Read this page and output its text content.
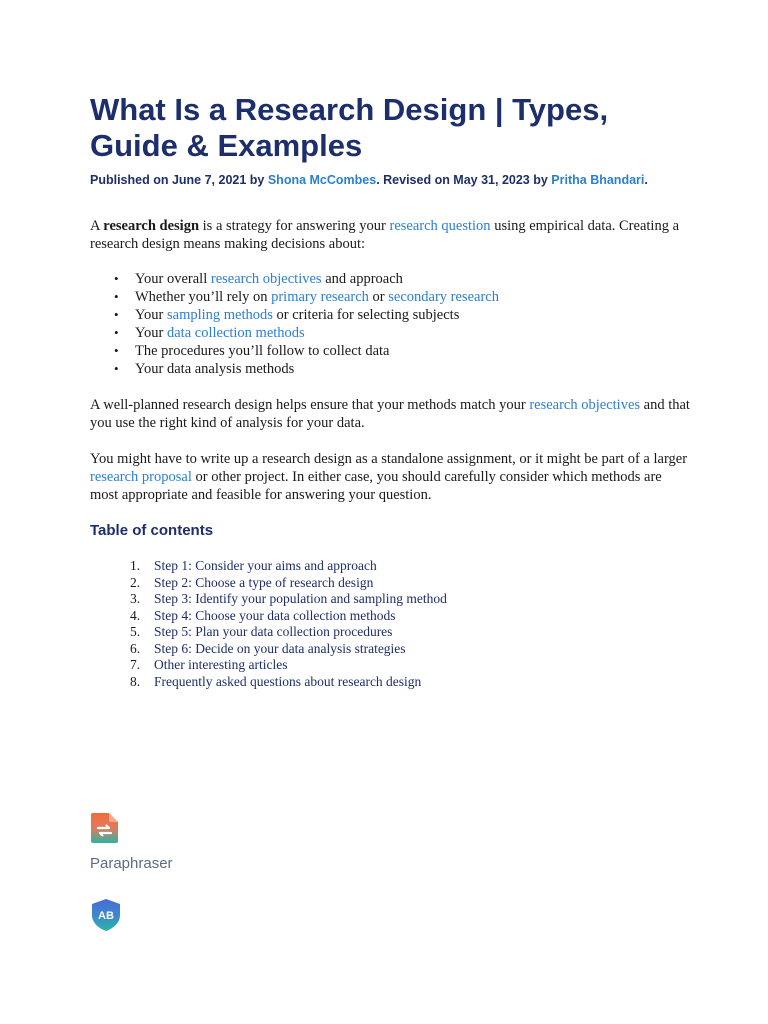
What Is a Research Design | Types,
Guide & Examples
Published on June 7, 2021 by Shona McCombes. Revised on May 31, 2023 by Pritha Bhandari.

A research design is a strategy for answering your research question using empirical data. Creating a research design means making decisions about:

• Your overall research objectives and approach
• Whether you’ll rely on primary research or secondary research
• Your sampling methods or criteria for selecting subjects
• Your data collection methods
• The procedures you’ll follow to collect data
• Your data analysis methods

A well-planned research design helps ensure that your methods match your research objectives and that you use the right kind of analysis for your data.

You might have to write up a research design as a standalone assignment, or it might be part of a larger research proposal or other project. In either case, you should carefully consider which methods are most appropriate and feasible for answering your question.

Table of contents
1. Step 1: Consider your aims and approach
2. Step 2: Choose a type of research design
3. Step 3: Identify your population and sampling method
4. Step 4: Choose your data collection methods
5. Step 5: Plan your data collection procedures
6. Step 6: Decide on your data analysis strategies
7. Other interesting articles
8. Frequently asked questions about research design
Paraphraser
AB
